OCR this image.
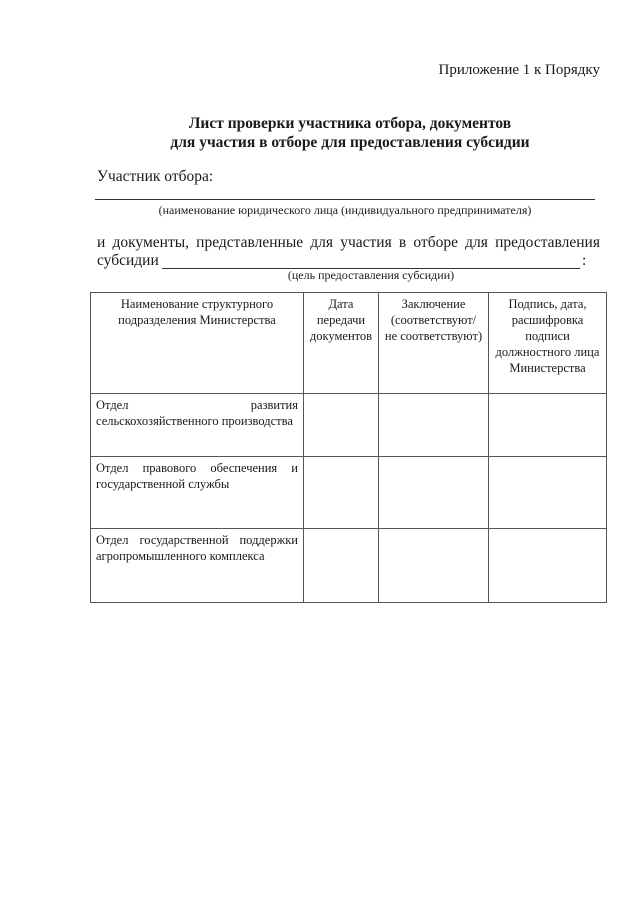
Приложение 1 к Порядку
Лист проверки участника отбора, документов
для участия в отборе для предоставления субсидии
Участник отбора:
(наименование юридического лица (индивидуального предпринимателя)
и документы, представленные для участия в отборе для предоставления
субсидии	:
(цель предоставления субсидии)
Наименование структурного подразделения Министерства	Дата передачи документов	Заключение (соответствуют/ не соответствуют)	Подпись, дата, расшифровка подписи должностного лица Министерства
Отдел развития сельскохозяйственного производства			
Отдел правового обеспечения и государственной службы			
Отдел государственной поддержки агропромышленного комплекса			
